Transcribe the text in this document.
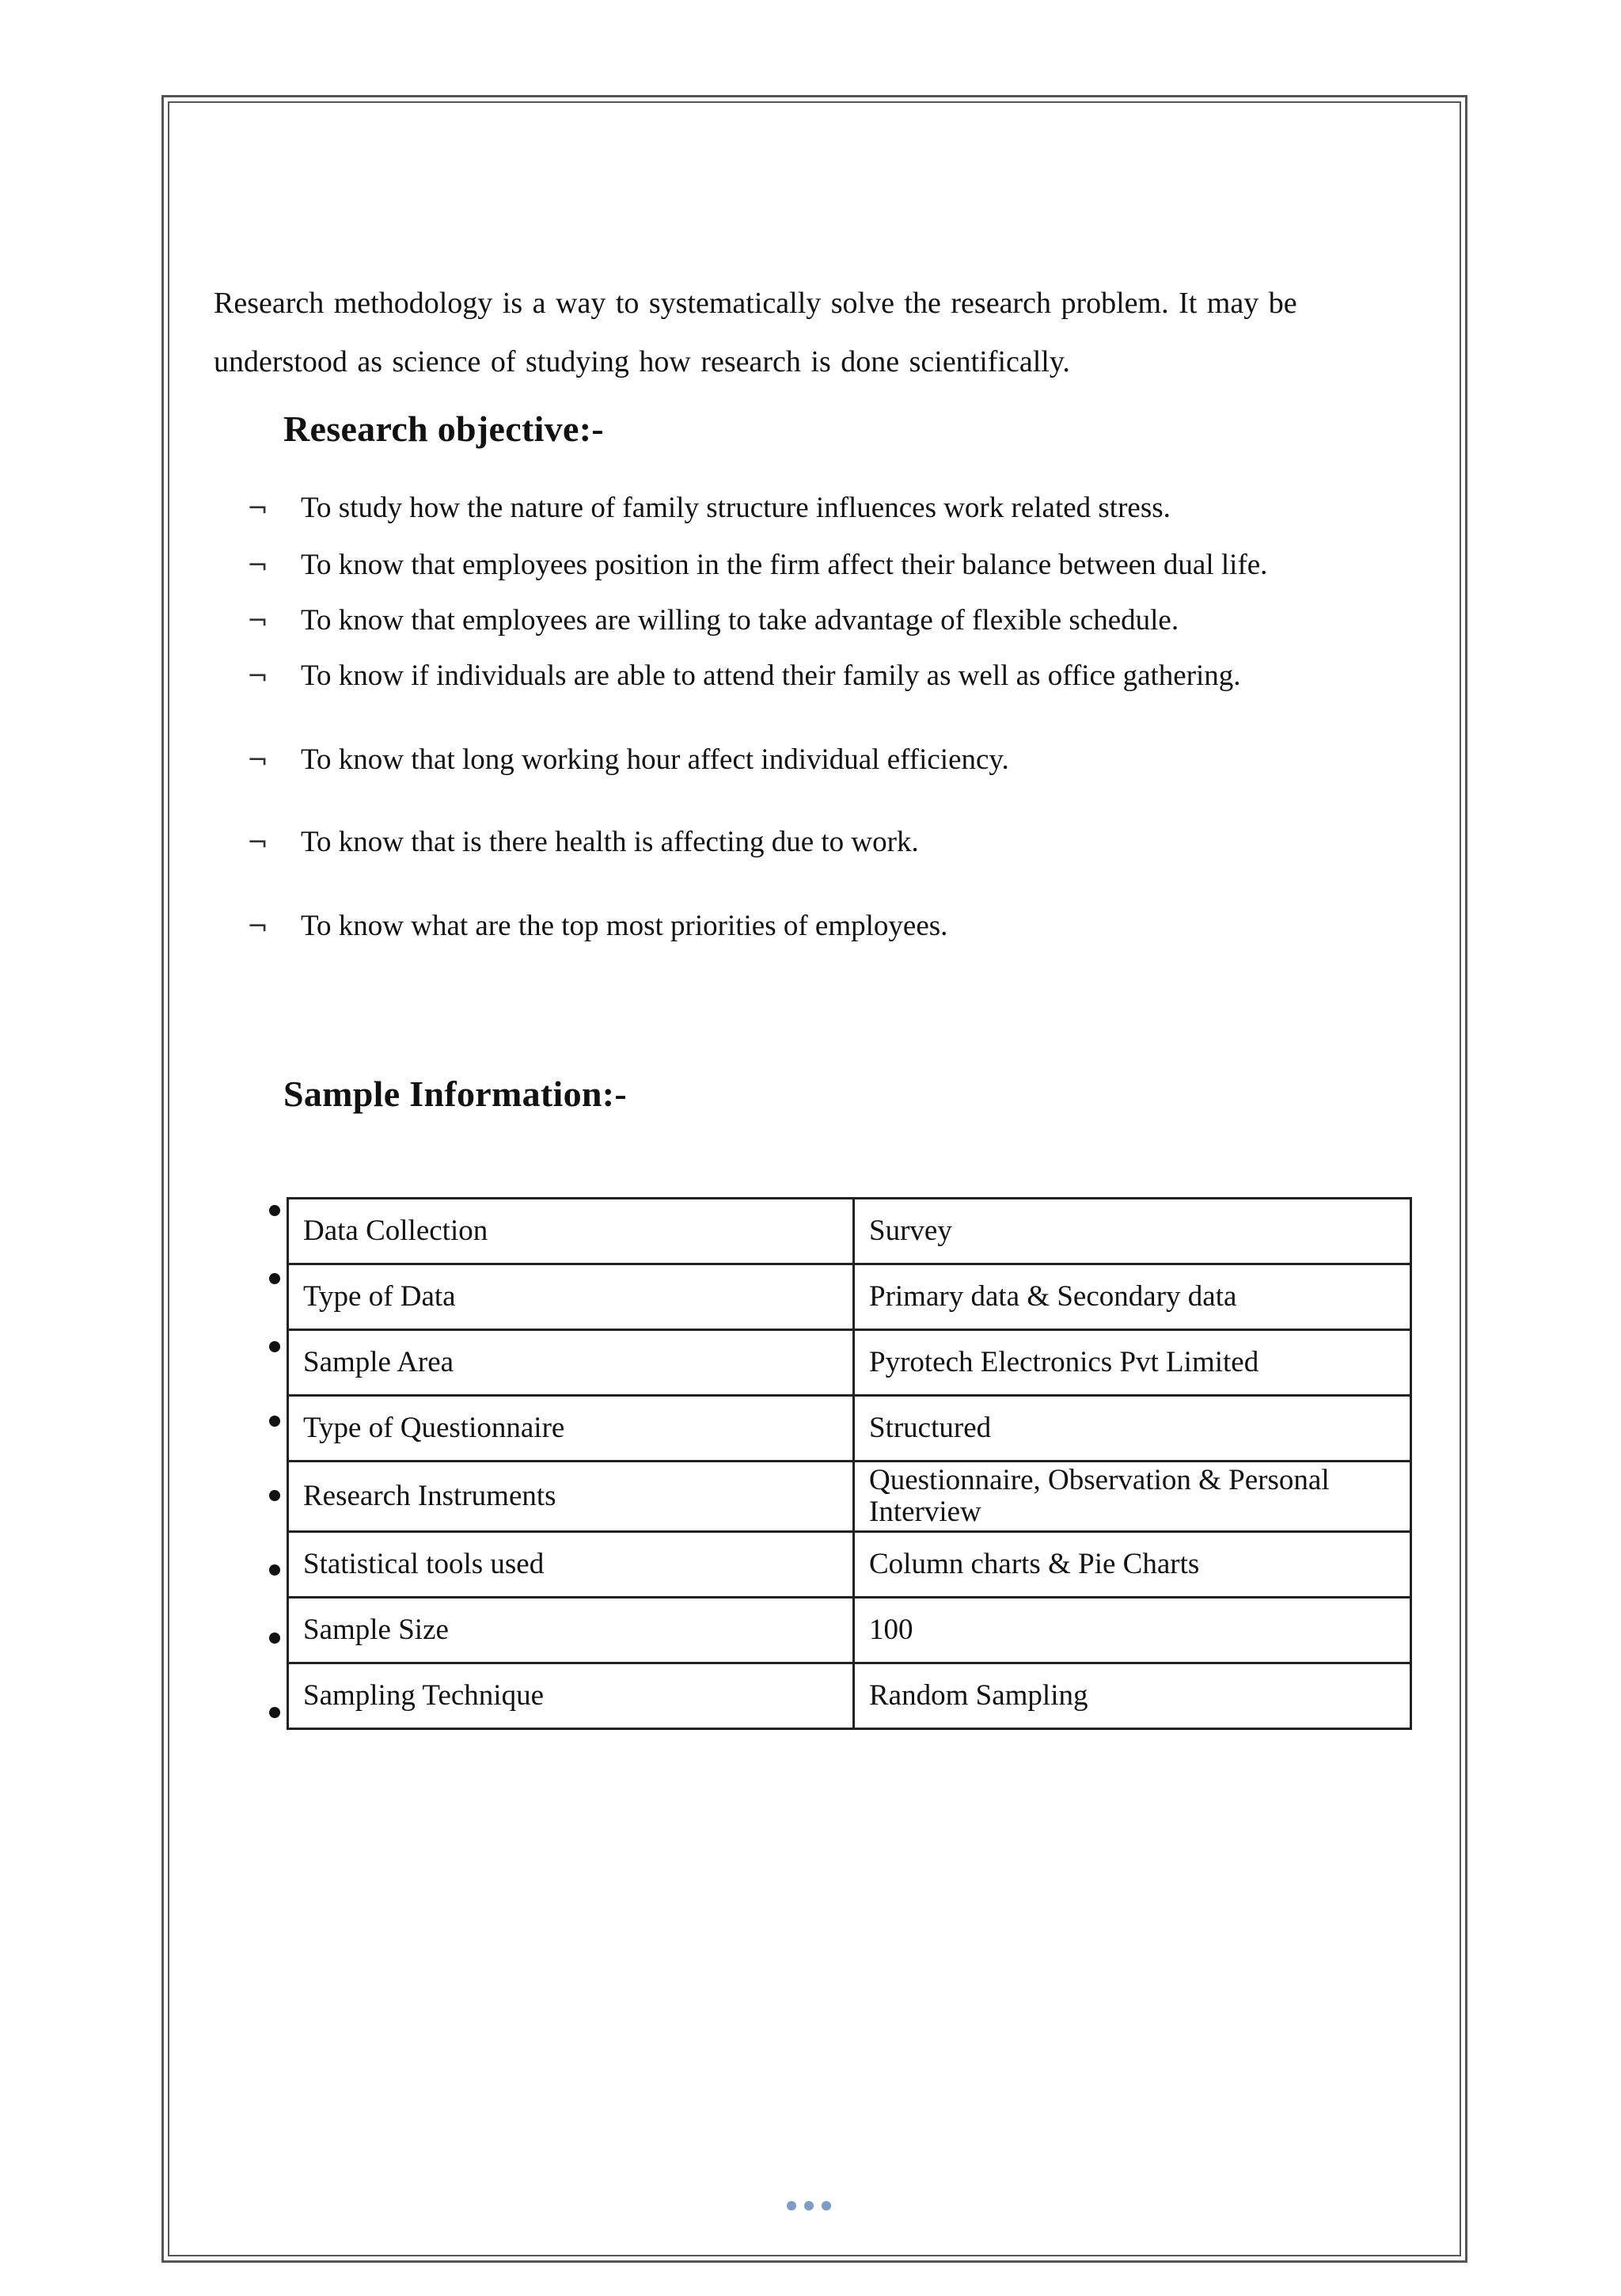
Research methodology is a way to systematically solve the research problem. It may be understood as science of studying how research is done scientifically.

Research objective:-
¬ To study how the nature of family structure influences work related stress.
¬ To know that employees position in the firm affect their balance between dual life.
¬ To know that employees are willing to take advantage of flexible schedule.
¬ To know if individuals are able to attend their family as well as office gathering.
¬ To know that long working hour affect individual efficiency.
¬ To know that is there health is affecting due to work.
¬ To know what are the top most priorities of employees.
Sample Information:-
Data Collection	Survey
Type of Data	Primary data & Secondary data
Sample Area	Pyrotech Electronics Pvt Limited
Type of Questionnaire	Structured
Research Instruments	Questionnaire, Observation & Personal Interview
Statistical tools used	Column charts & Pie Charts
Sample Size	100
Sampling Technique	Random Sampling
